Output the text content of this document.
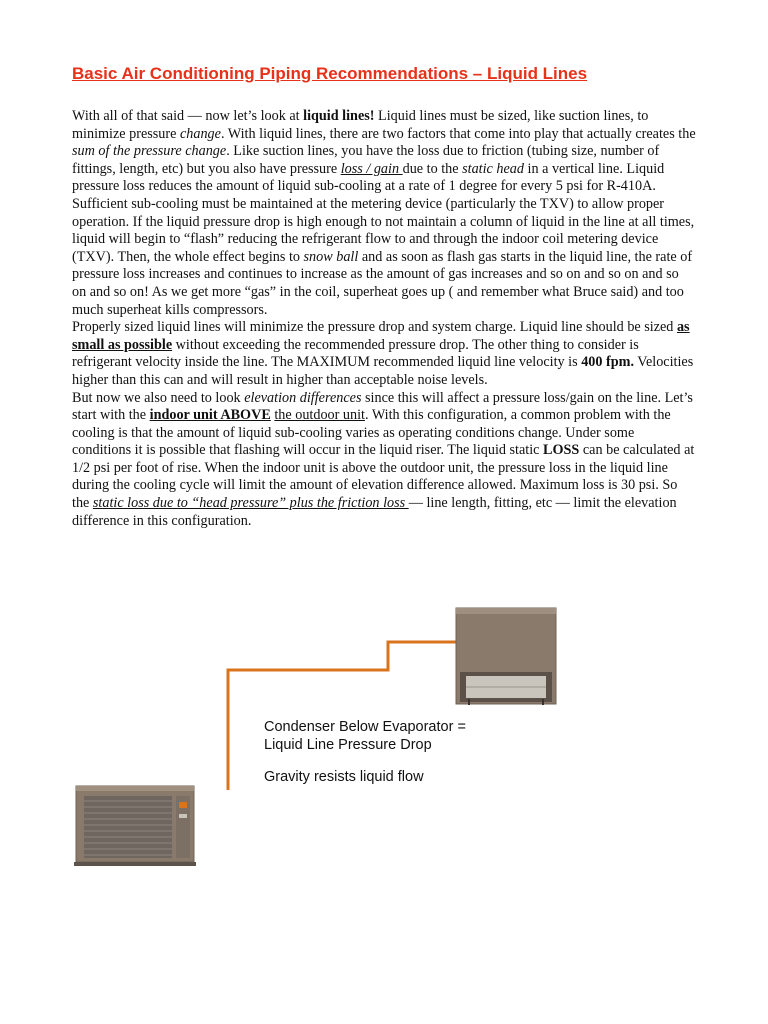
Basic Air Conditioning Piping Recommendations – Liquid Lines

With all of that said — now let’s look at liquid lines! Liquid lines must be sized, like suction lines, to minimize pressure change. With liquid lines, there are two factors that come into play that actually creates the sum of the pressure change. Like suction lines, you have the loss due to friction (tubing size, number of fittings, length, etc) but you also have pressure loss / gain due to the static head in a vertical line. Liquid pressure loss reduces the amount of liquid sub-cooling at a rate of 1 degree for every 5 psi for R-410A. Sufficient sub-cooling must be maintained at the metering device (particularly the TXV) to allow proper operation. If the liquid pressure drop is high enough to not maintain a column of liquid in the line at all times, liquid will begin to “flash” reducing the refrigerant flow to and through the indoor coil metering device (TXV). Then, the whole effect begins to snow ball and as soon as flash gas starts in the liquid line, the rate of pressure loss increases and continues to increase as the amount of gas increases and so on and so on and so on and so on! As we get more “gas” in the coil, superheat goes up ( and remember what Bruce said) and too much superheat kills compressors.

Properly sized liquid lines will minimize the pressure drop and system charge. Liquid line should be sized as small as possible without exceeding the recommended pressure drop. The other thing to consider is refrigerant velocity inside the line. The MAXIMUM recommended liquid line velocity is 400 fpm. Velocities higher than this can and will result in higher than acceptable noise levels.

But now we also need to look elevation differences since this will affect a pressure loss/gain on the line. Let’s start with the indoor unit ABOVE the outdoor unit. With this configuration, a common problem with the cooling is that the amount of liquid sub-cooling varies as operating conditions change. Under some conditions it is possible that flashing will occur in the liquid riser. The liquid static LOSS can be calculated at 1/2 psi per foot of rise. When the indoor unit is above the outdoor unit, the pressure loss in the liquid line during the cooling cycle will limit the amount of elevation difference allowed. Maximum loss is 30 psi. So the static loss due to “head pressure” plus the friction loss — line length, fitting, etc — limit the elevation difference in this configuration.

Condenser Below Evaporator =
Liquid Line Pressure Drop
Gravity resists liquid flow
